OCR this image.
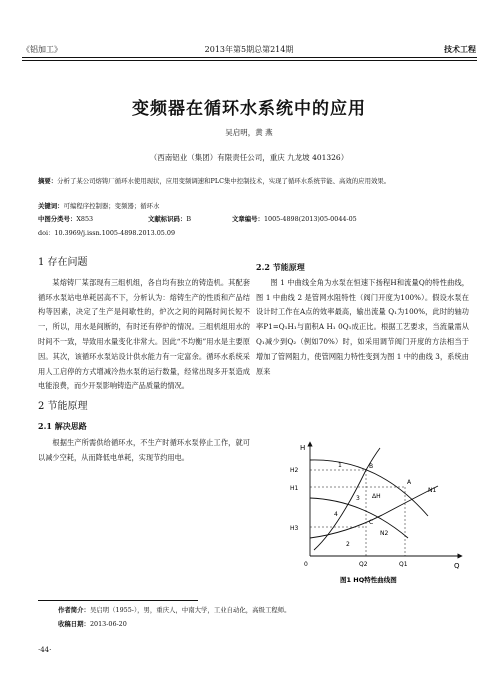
《铝加工》	2013年第5期总第214期	技术工程
变频器在循环水系统中的应用
吴启明，黄 燕
（西南铝业（集团）有限责任公司，重庆 九龙坡 401326）
摘要：分析了某公司熔铸厂循环水使用现状，应用变频调速和PLC集中控制技术，实现了循环水系统节能、高效的应用效果。
关键词：可编程序控制器；变频器；循环水
中图分类号：X853	文献标识码：B	文章编号：1005-4898(2013)05-0044-05
doi：10.3969/j.issn.1005-4898.2013.05.09
1 存在问题

某熔铸厂某部现有三组机组，各自均有独立的铸造机。其配套循环水泵站电单耗居高不下，分析认为：熔铸生产的性质和产品结构等因素，决定了生产是间歇性的，炉次之间的间隔时间长短不一，所以，用水是间断的，有时还有停炉的情况。三组机组用水的时间不一致，导致用水量变化非常大。因此“不均衡”用水是主要原因。其次，该循环水泵站设计供水能力有一定富余。循环水系统采用人工启停的方式增减冷热水泵的运行数量，经常出现多开泵造成电能浪费，而少开泵影响铸造产品质量的情况。

2 节能原理
2.1 解决思路

根据生产所需供给循环水，不生产时循环水泵停止工作，就可以减少空耗，从而降低电单耗，实现节约用电。

2.2 节能原理

图 1 中曲线全角为水泵在恒速下扬程H和流量Q的特性曲线，图 1 中曲线 2 是管网水阻特性（阀门开度为100%）。假设水泵在设计时工作在A点的效率最高，输出流量 Q₁为100%，此时的轴功率P1=Q₁H₁与面积A H₁ 0Q₁成正比。根据工艺要求，当流量需从Q₁减少到Q₂（例如70%）时，如采用调节阀门开度的方法相当于增加了管网阻力，使管网阻力特性变到为图 1 中的曲线 3，系统由原来

H
Q
0
H2
H1
H3
1
2
3
4
B
A
C
ΔH
N1
N2
Q2	Q1
图1 HQ特性曲线图
作者简介：吴启明（1955-），男，重庆人，中南大学，工业自动化，高级工程师。
收稿日期：2013-06-20
·44·
